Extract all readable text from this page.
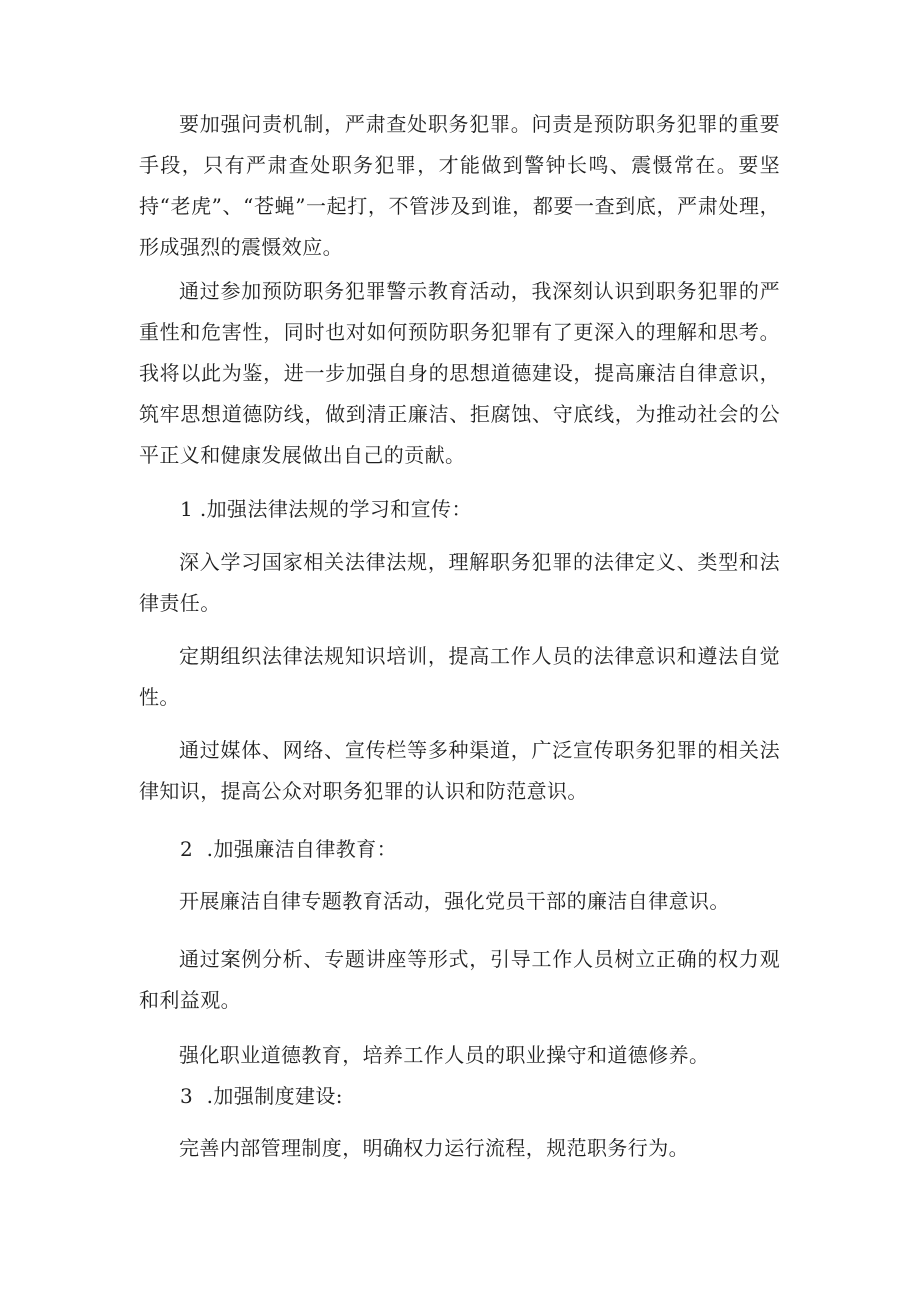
要加强问责机制，严肃查处职务犯罪。问责是预防职务犯罪的重要手段，只有严肃查处职务犯罪，才能做到警钟长鸣、震慑常在。要坚持“老虎”、“苍蝇”一起打，不管涉及到谁，都要一查到底，严肃处理，形成强烈的震慑效应。

通过参加预防职务犯罪警示教育活动，我深刻认识到职务犯罪的严重性和危害性，同时也对如何预防职务犯罪有了更深入的理解和思考。我将以此为鉴，进一步加强自身的思想道德建设，提高廉洁自律意识，筑牢思想道德防线，做到清正廉洁、拒腐蚀、守底线，为推动社会的公平正义和健康发展做出自己的贡献。

1 .加强法律法规的学习和宣传：

深入学习国家相关法律法规，理解职务犯罪的法律定义、类型和法律责任。

定期组织法律法规知识培训，提高工作人员的法律意识和遵法自觉性。

通过媒体、网络、宣传栏等多种渠道，广泛宣传职务犯罪的相关法律知识，提高公众对职务犯罪的认识和防范意识。

2  .加强廉洁自律教育：

开展廉洁自律专题教育活动，强化党员干部的廉洁自律意识。

通过案例分析、专题讲座等形式，引导工作人员树立正确的权力观和利益观。

强化职业道德教育，培养工作人员的职业操守和道德修养。

3  .加强制度建设:

完善内部管理制度，明确权力运行流程，规范职务行为。
